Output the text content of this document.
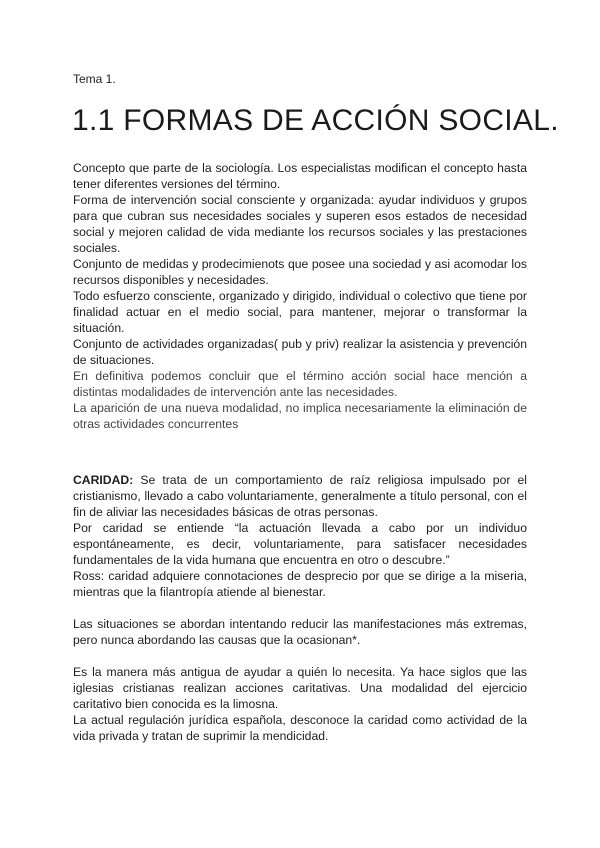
Tema 1.

1.1 FORMAS DE ACCIÓN SOCIAL.

Concepto que parte de la sociología. Los especialistas modifican el concepto hasta tener diferentes versiones del término.

Forma de intervención social consciente y organizada: ayudar individuos y grupos para que cubran sus necesidades sociales y superen esos estados de necesidad social y mejoren calidad de vida mediante los recursos sociales y las prestaciones sociales.

Conjunto de medidas y prodecimienots que posee una sociedad y asi acomodar los recursos disponibles y necesidades.

Todo esfuerzo consciente, organizado y dirigido, individual o colectivo que tiene por finalidad actuar en el medio social, para mantener, mejorar o transformar la situación.

Conjunto de actividades organizadas( pub y priv) realizar la asistencia y prevención de situaciones.

En definitiva podemos concluir que el término acción social hace mención a distintas modalidades de intervención ante las necesidades.

La aparición de una nueva modalidad, no implica necesariamente la eliminación de otras actividades concurrentes

CARIDAD: Se trata de un comportamiento de raíz religiosa impulsado por el cristianismo, llevado a cabo voluntariamente, generalmente a título personal, con el fin de aliviar las necesidades básicas de otras personas.

Por caridad se entiende “la actuación llevada a cabo por un individuo espontáneamente, es decir, voluntariamente, para satisfacer necesidades fundamentales de la vida humana que encuentra en otro o descubre.”

Ross: caridad adquiere connotaciones de desprecio por que se dirige a la miseria, mientras que la filantropía atiende al bienestar.

Las situaciones se abordan intentando reducir las manifestaciones más extremas, pero nunca abordando las causas que la ocasionan*.

Es la manera más antigua de ayudar a quién lo necesita. Ya hace siglos que las iglesias cristianas realizan acciones caritativas. Una modalidad del ejercicio caritativo bien conocida es la limosna.

La actual regulación jurídica española, desconoce la caridad como actividad de la vida privada y tratan de suprimir la mendicidad.
